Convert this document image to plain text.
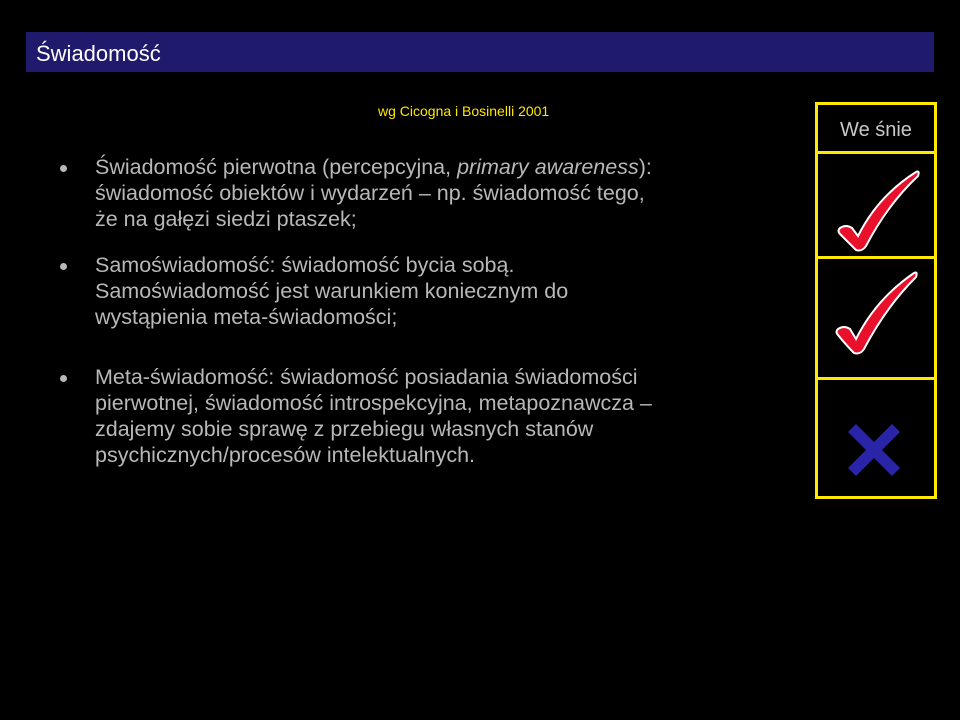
Świadomość
wg Cicogna i Bosinelli 2001
Świadomość pierwotna (percepcyjna, primary awareness):
świadomość obiektów i wydarzeń – np. świadomość tego,
że na gałęzi siedzi ptaszek;
Samoświadomość: świadomość bycia sobą.
Samoświadomość jest warunkiem koniecznym do
wystąpienia meta-świadomości;
Meta-świadomość: świadomość posiadania świadomości
pierwotnej, świadomość introspekcyjna, metapoznawcza –
zdajemy sobie sprawę z przebiegu własnych stanów
psychicznych/procesów intelektualnych.
We śnie
